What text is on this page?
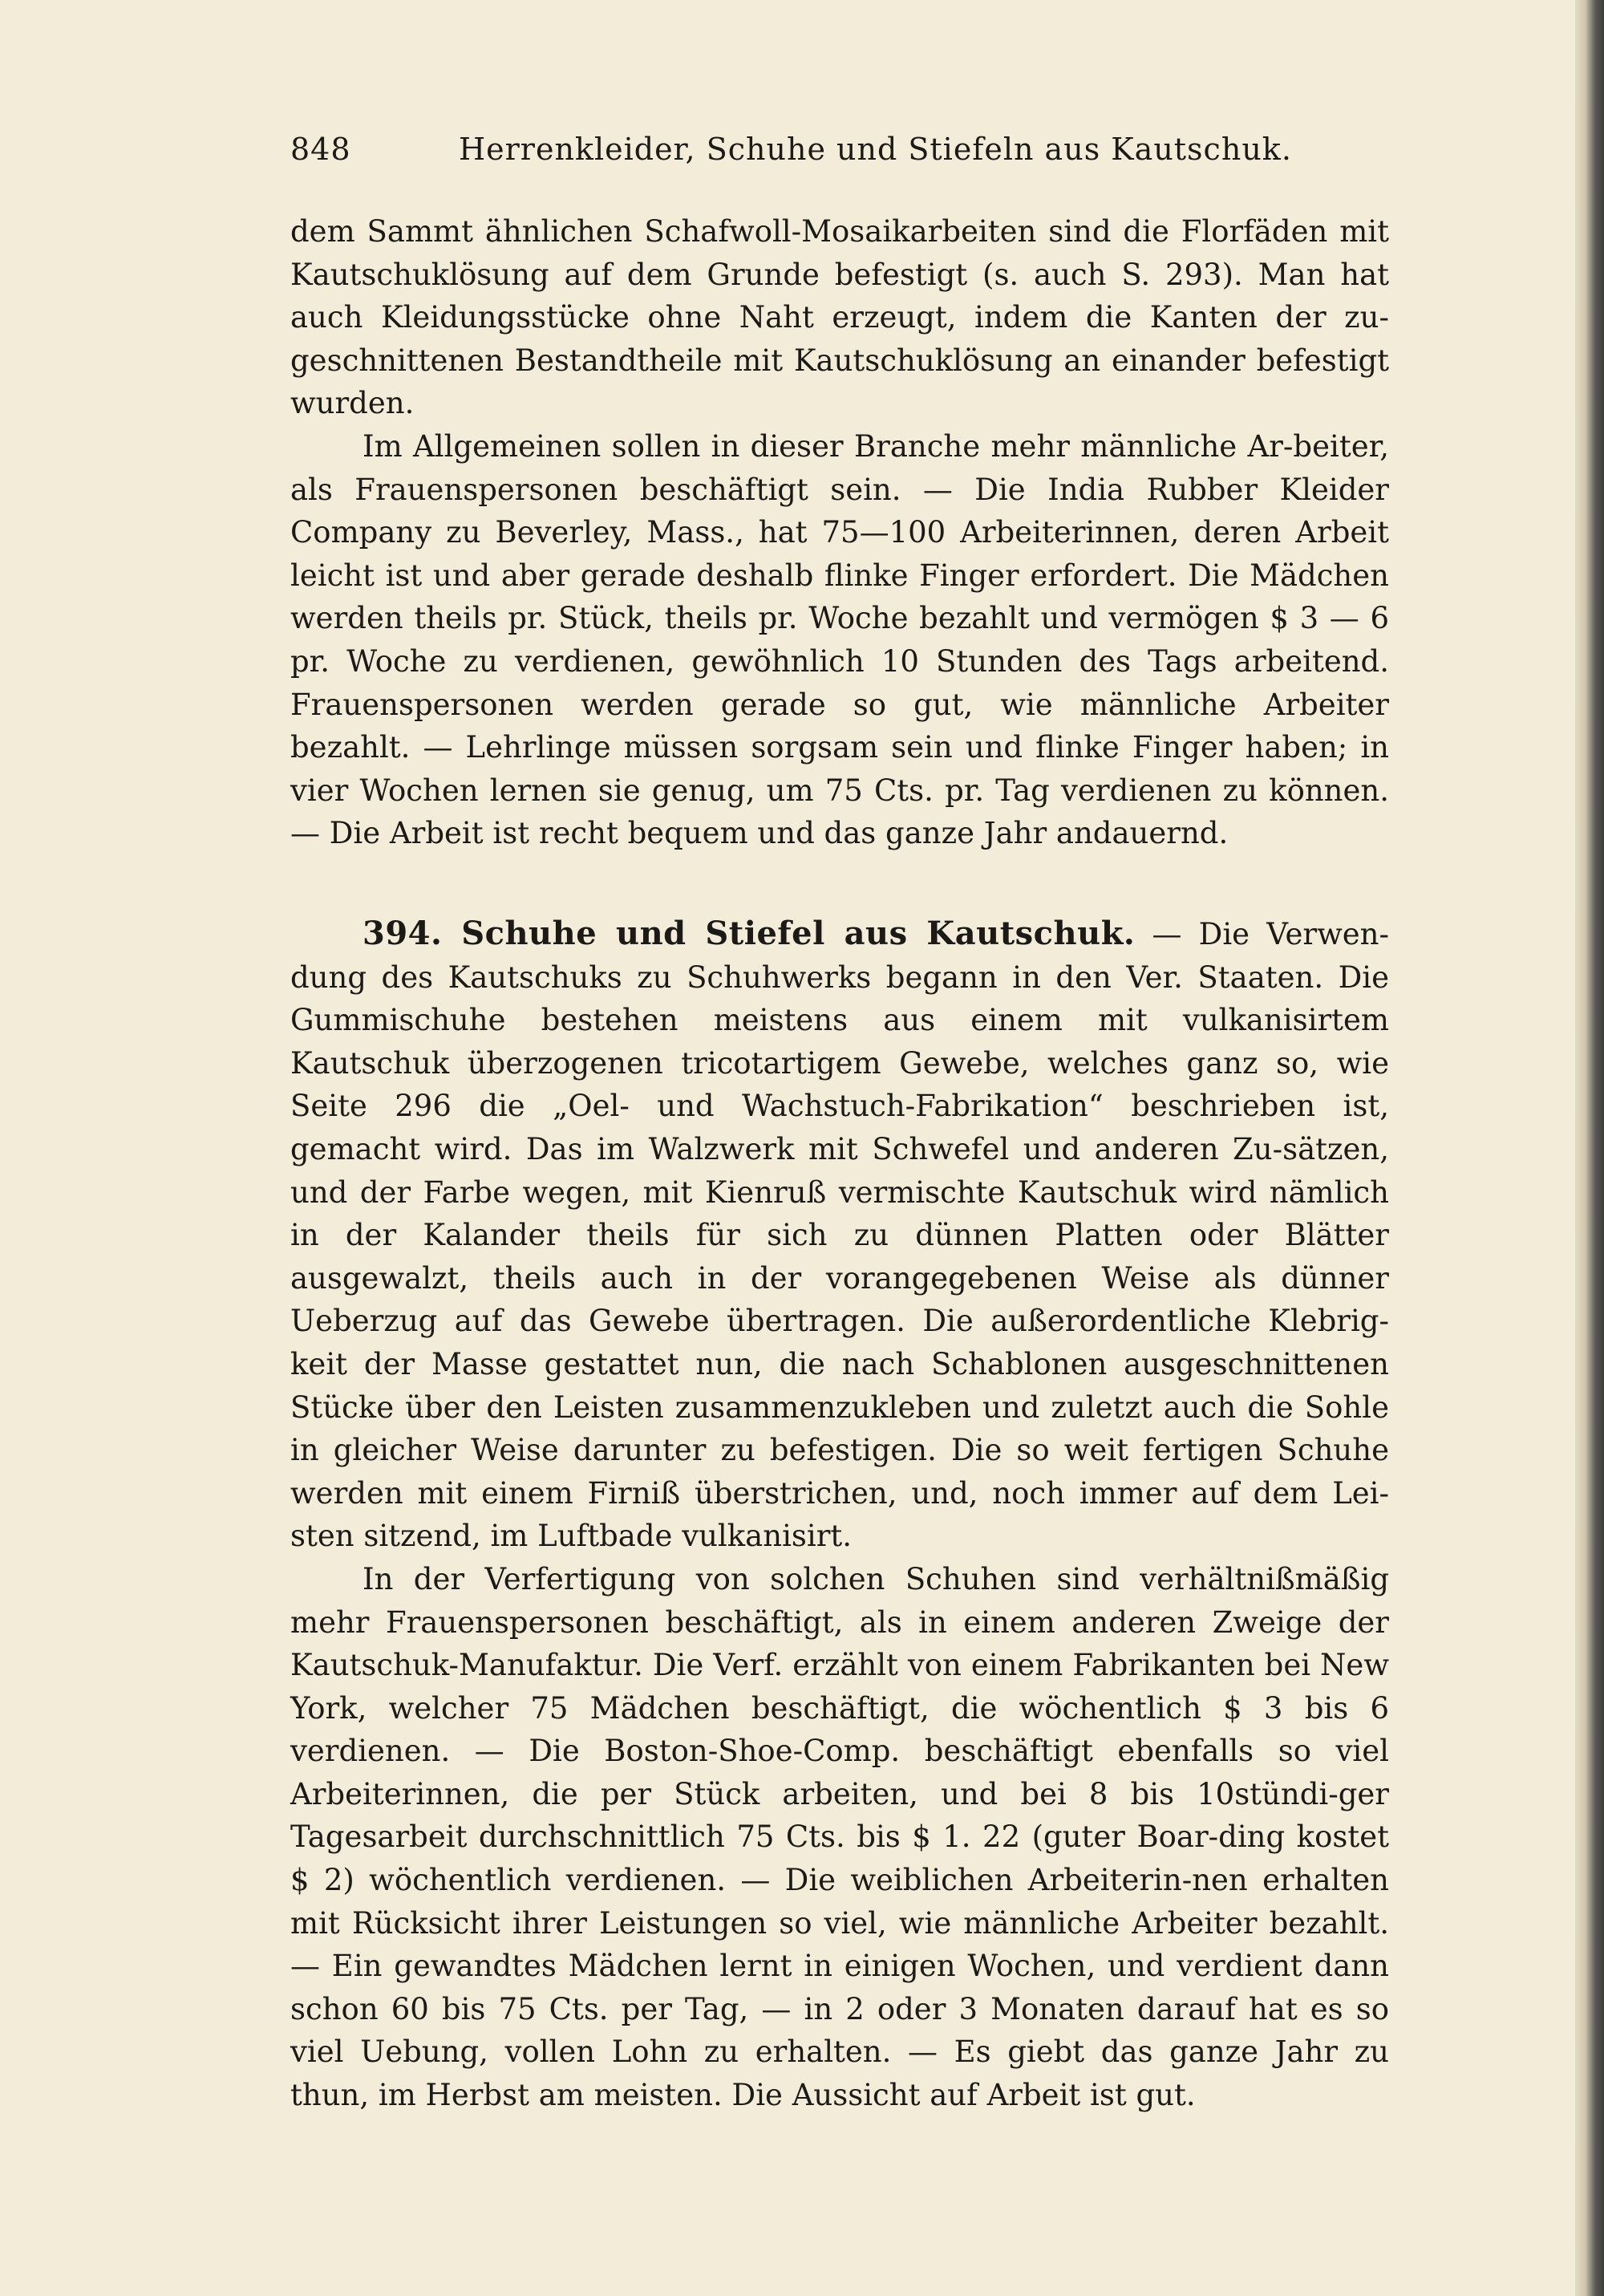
848	Herrenkleider, Schuhe und Stiefeln aus Kautschuk.

dem Sammt ähnlichen Schafwoll-Mosaikarbeiten sind die Florfäden mit Kautschuklösung auf dem Grunde befestigt (s. auch S. 293). Man hat auch Kleidungsstücke ohne Naht erzeugt, indem die Kanten der zu-geschnittenen Bestandtheile mit Kautschuklösung an einander befestigt wurden.

Im Allgemeinen sollen in dieser Branche mehr männliche Ar-beiter, als Frauenspersonen beschäftigt sein. — Die India Rubber Kleider Company zu Beverley, Mass., hat 75—100 Arbeiterinnen, deren Arbeit leicht ist und aber gerade deshalb flinke Finger erfordert. Die Mädchen werden theils pr. Stück, theils pr. Woche bezahlt und vermögen $ 3 — 6 pr. Woche zu verdienen, gewöhnlich 10 Stunden des Tags arbeitend. Frauenspersonen werden gerade so gut, wie männliche Arbeiter bezahlt. — Lehrlinge müssen sorgsam sein und flinke Finger haben; in vier Wochen lernen sie genug, um 75 Cts. pr. Tag verdienen zu können. — Die Arbeit ist recht bequem und das ganze Jahr andauernd.

394. Schuhe und Stiefel aus Kautschuk. — Die Verwen-dung des Kautschuks zu Schuhwerks begann in den Ver. Staaten. Die Gummischuhe bestehen meistens aus einem mit vulkanisirtem Kautschuk überzogenen tricotartigem Gewebe, welches ganz so, wie Seite 296 die „Oel- und Wachstuch-Fabrikation“ beschrieben ist, gemacht wird. Das im Walzwerk mit Schwefel und anderen Zu-sätzen, und der Farbe wegen, mit Kienruß vermischte Kautschuk wird nämlich in der Kalander theils für sich zu dünnen Platten oder Blätter ausgewalzt, theils auch in der vorangegebenen Weise als dünner Ueberzug auf das Gewebe übertragen. Die außerordentliche Klebrig-keit der Masse gestattet nun, die nach Schablonen ausgeschnittenen Stücke über den Leisten zusammenzukleben und zuletzt auch die Sohle in gleicher Weise darunter zu befestigen. Die so weit fertigen Schuhe werden mit einem Firniß überstrichen, und, noch immer auf dem Lei-sten sitzend, im Luftbade vulkanisirt.

In der Verfertigung von solchen Schuhen sind verhältnißmäßig mehr Frauenspersonen beschäftigt, als in einem anderen Zweige der Kautschuk-Manufaktur. Die Verf. erzählt von einem Fabrikanten bei New York, welcher 75 Mädchen beschäftigt, die wöchentlich $ 3 bis 6 verdienen. — Die Boston-Shoe-Comp. beschäftigt ebenfalls so viel Arbeiterinnen, die per Stück arbeiten, und bei 8 bis 10stündi-ger Tagesarbeit durchschnittlich 75 Cts. bis $ 1. 22 (guter Boar-ding kostet $ 2) wöchentlich verdienen. — Die weiblichen Arbeiterin-nen erhalten mit Rücksicht ihrer Leistungen so viel, wie männliche Arbeiter bezahlt. — Ein gewandtes Mädchen lernt in einigen Wochen, und verdient dann schon 60 bis 75 Cts. per Tag, — in 2 oder 3 Monaten darauf hat es so viel Uebung, vollen Lohn zu erhalten. — Es giebt das ganze Jahr zu thun, im Herbst am meisten. Die Aussicht auf Arbeit ist gut.
